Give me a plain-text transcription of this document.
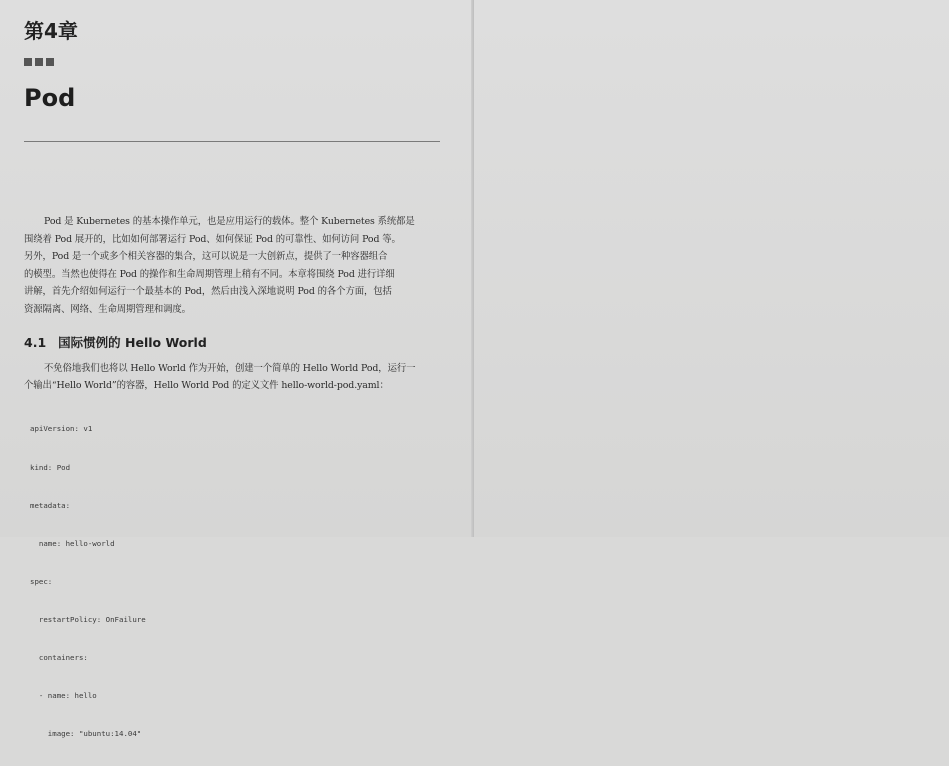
第4章
Pod
Pod 是 Kubernetes 的基本操作单元，也是应用运行的载体。整个 Kubernetes 系统都是
围绕着 Pod 展开的，比如如何部署运行 Pod、如何保证 Pod 的可靠性、如何访问 Pod 等。
另外，Pod 是一个或多个相关容器的集合，这可以说是一大创新点，提供了一种容器组合
的模型。当然也使得在 Pod 的操作和生命周期管理上稍有不同。本章将围绕 Pod 进行详细
讲解，首先介绍如何运行一个最基本的 Pod，然后由浅入深地说明 Pod 的各个方面，包括
资源隔离、网络、生命周期管理和调度。
4.1 国际惯例的 Hello World
不免俗地我们也将以 Hello World 作为开始，创建一个简单的 Hello World Pod，运行一
个输出“Hello World”的容器，Hello World Pod 的定义文件 hello-world-pod.yaml：

apiVersion: v1

kind: Pod

metadata:

name: hello-world

spec:

restartPolicy: OnFailure

containers:

- name: hello

image: "ubuntu:14.04"
